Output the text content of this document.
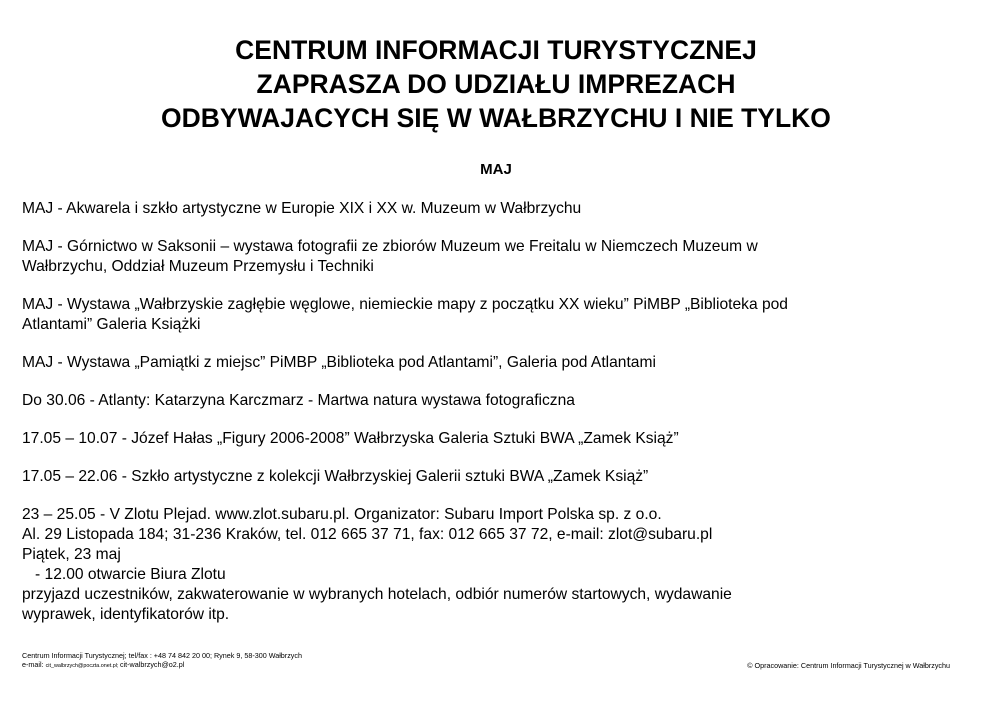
CENTRUM INFORMACJI TURYSTYCZNEJ
ZAPRASZA DO UDZIAŁU IMPREZACH
ODBYWAJACYCH SIĘ W WAŁBRZYCHU I NIE TYLKO
MAJ

MAJ - Akwarela i szkło artystyczne w Europie XIX i XX w. Muzeum w Wałbrzychu

MAJ - Górnictwo w Saksonii – wystawa fotografii ze zbiorów Muzeum we Freitalu w Niemczech Muzeum w
Wałbrzychu, Oddział Muzeum Przemysłu i Techniki

MAJ - Wystawa „Wałbrzyskie zagłębie węglowe, niemieckie mapy z początku XX wieku” PiMBP „Biblioteka pod
Atlantami” Galeria Książki

MAJ - Wystawa „Pamiątki z miejsc” PiMBP „Biblioteka pod Atlantami”, Galeria pod Atlantami

Do 30.06 - Atlanty: Katarzyna Karczmarz - Martwa natura wystawa fotograficzna

17.05 – 10.07 - Józef Hałas „Figury 2006-2008” Wałbrzyska Galeria Sztuki BWA „Zamek Książ”

17.05 – 22.06 - Szkło artystyczne z kolekcji Wałbrzyskiej Galerii sztuki BWA „Zamek Książ”

23 – 25.05 - V Zlotu Plejad. www.zlot.subaru.pl. Organizator: Subaru Import Polska sp. z o.o.
Al. 29 Listopada 184; 31-236 Kraków, tel. 012 665 37 71, fax: 012 665 37 72, e-mail: zlot@subaru.pl
Piątek, 23 maj
- 12.00 otwarcie Biura Zlotu
przyjazd uczestników, zakwaterowanie w wybranych hotelach, odbiór numerów startowych, wydawanie
wyprawek, identyfikatorów itp.
Centrum Informacji Turystycznej; tel/fax : +48 74 842 20 00; Rynek 9, 58-300 Wałbrzych
e-mail: cit_walbrzych@poczta.onet.pl; cit-walbrzych@o2.pl	© Opracowanie: Centrum Informacji Turystycznej w Wałbrzychu
